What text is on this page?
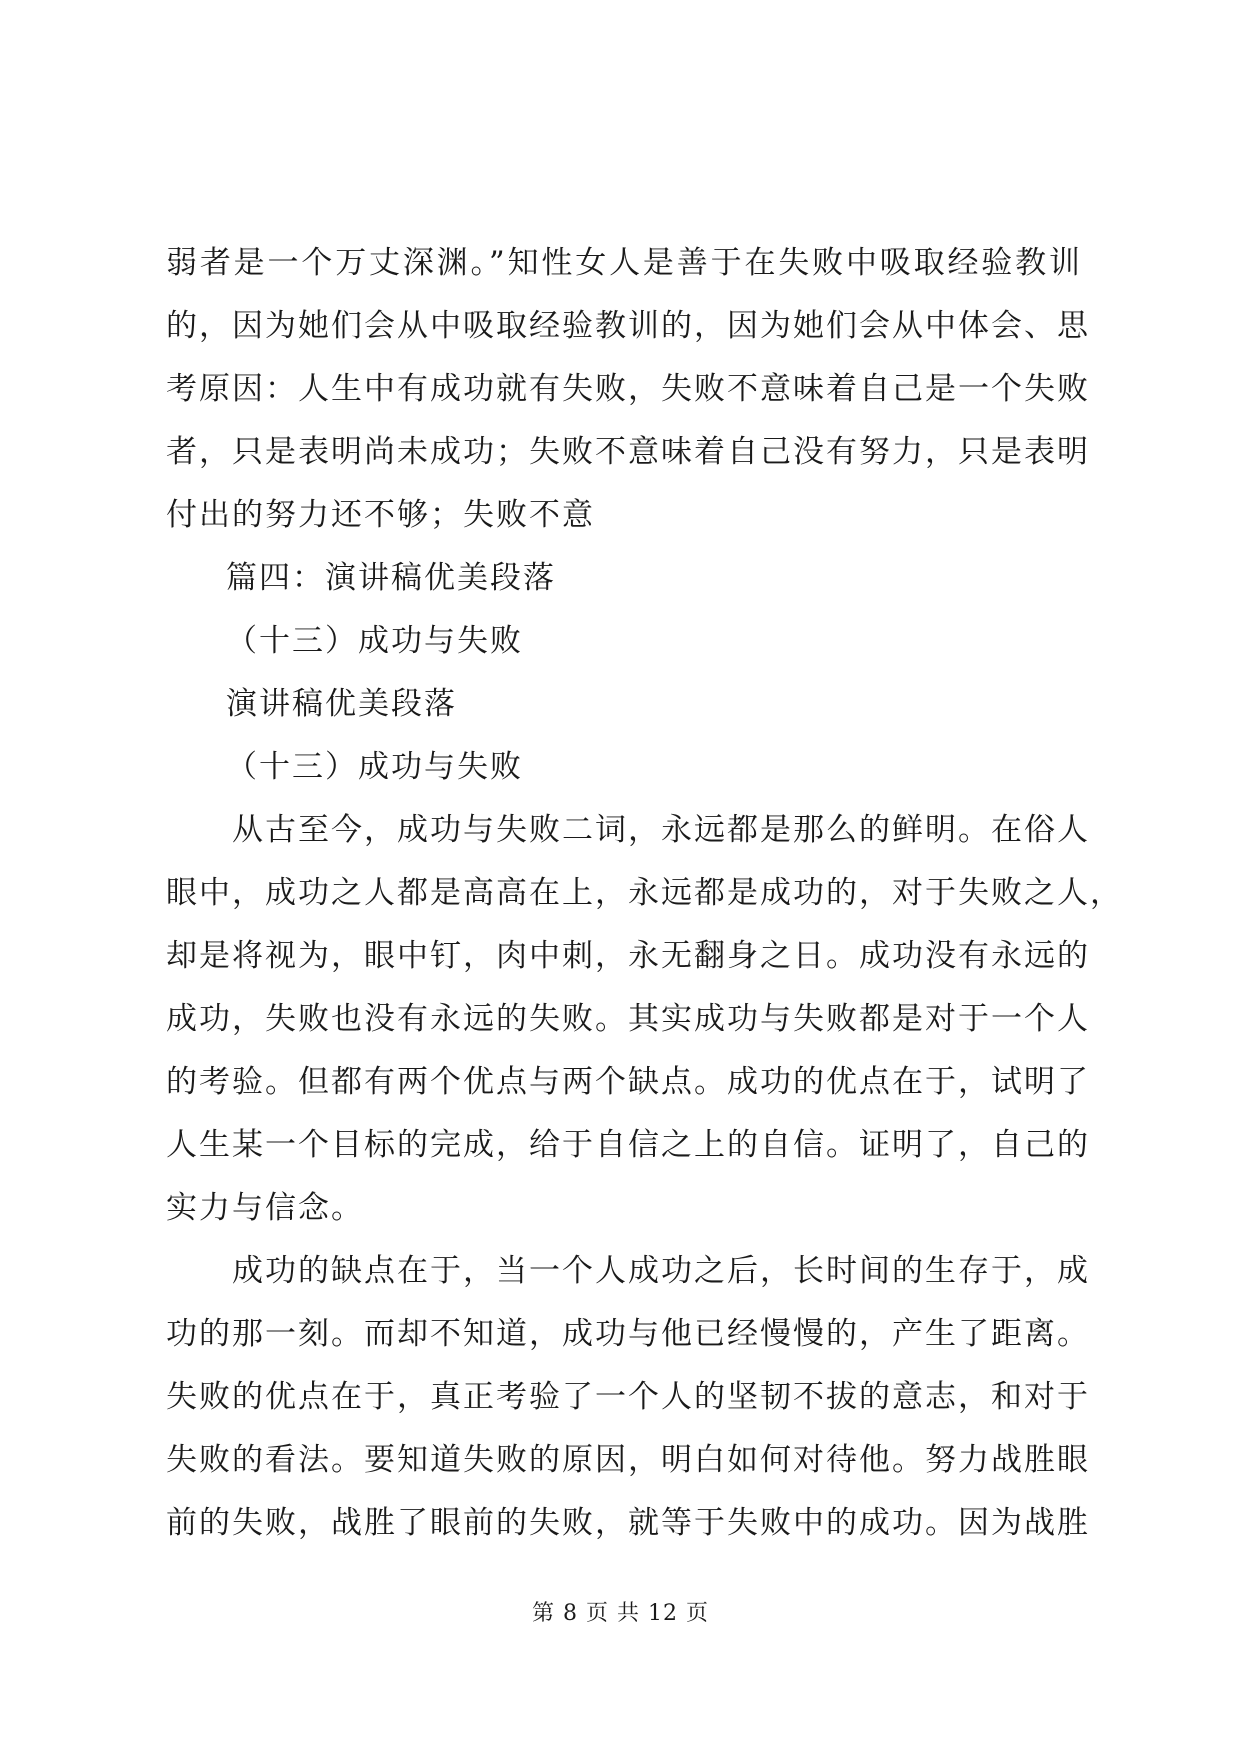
弱者是一个万丈深渊。”知性女人是善于在失败中吸取经验教训
的，因为她们会从中吸取经验教训的，因为她们会从中体会、思
考原因：人生中有成功就有失败，失败不意味着自己是一个失败
者，只是表明尚未成功；失败不意味着自己没有努力，只是表明
付出的努力还不够；失败不意
篇四：演讲稿优美段落
（十三）成功与失败
演讲稿优美段落
（十三）成功与失败
从古至今，成功与失败二词，永远都是那么的鲜明。在俗人
眼中，成功之人都是高高在上，永远都是成功的，对于失败之人，
却是将视为，眼中钉，肉中刺，永无翻身之日。成功没有永远的
成功，失败也没有永远的失败。其实成功与失败都是对于一个人
的考验。但都有两个优点与两个缺点。成功的优点在于，试明了
人生某一个目标的完成，给于自信之上的自信。证明了，自己的
实力与信念。
成功的缺点在于，当一个人成功之后，长时间的生存于，成
功的那一刻。而却不知道，成功与他已经慢慢的，产生了距离。
失败的优点在于，真正考验了一个人的坚韧不拔的意志，和对于
失败的看法。要知道失败的原因，明白如何对待他。努力战胜眼
前的失败，战胜了眼前的失败，就等于失败中的成功。因为战胜
第 8 页 共 12 页
